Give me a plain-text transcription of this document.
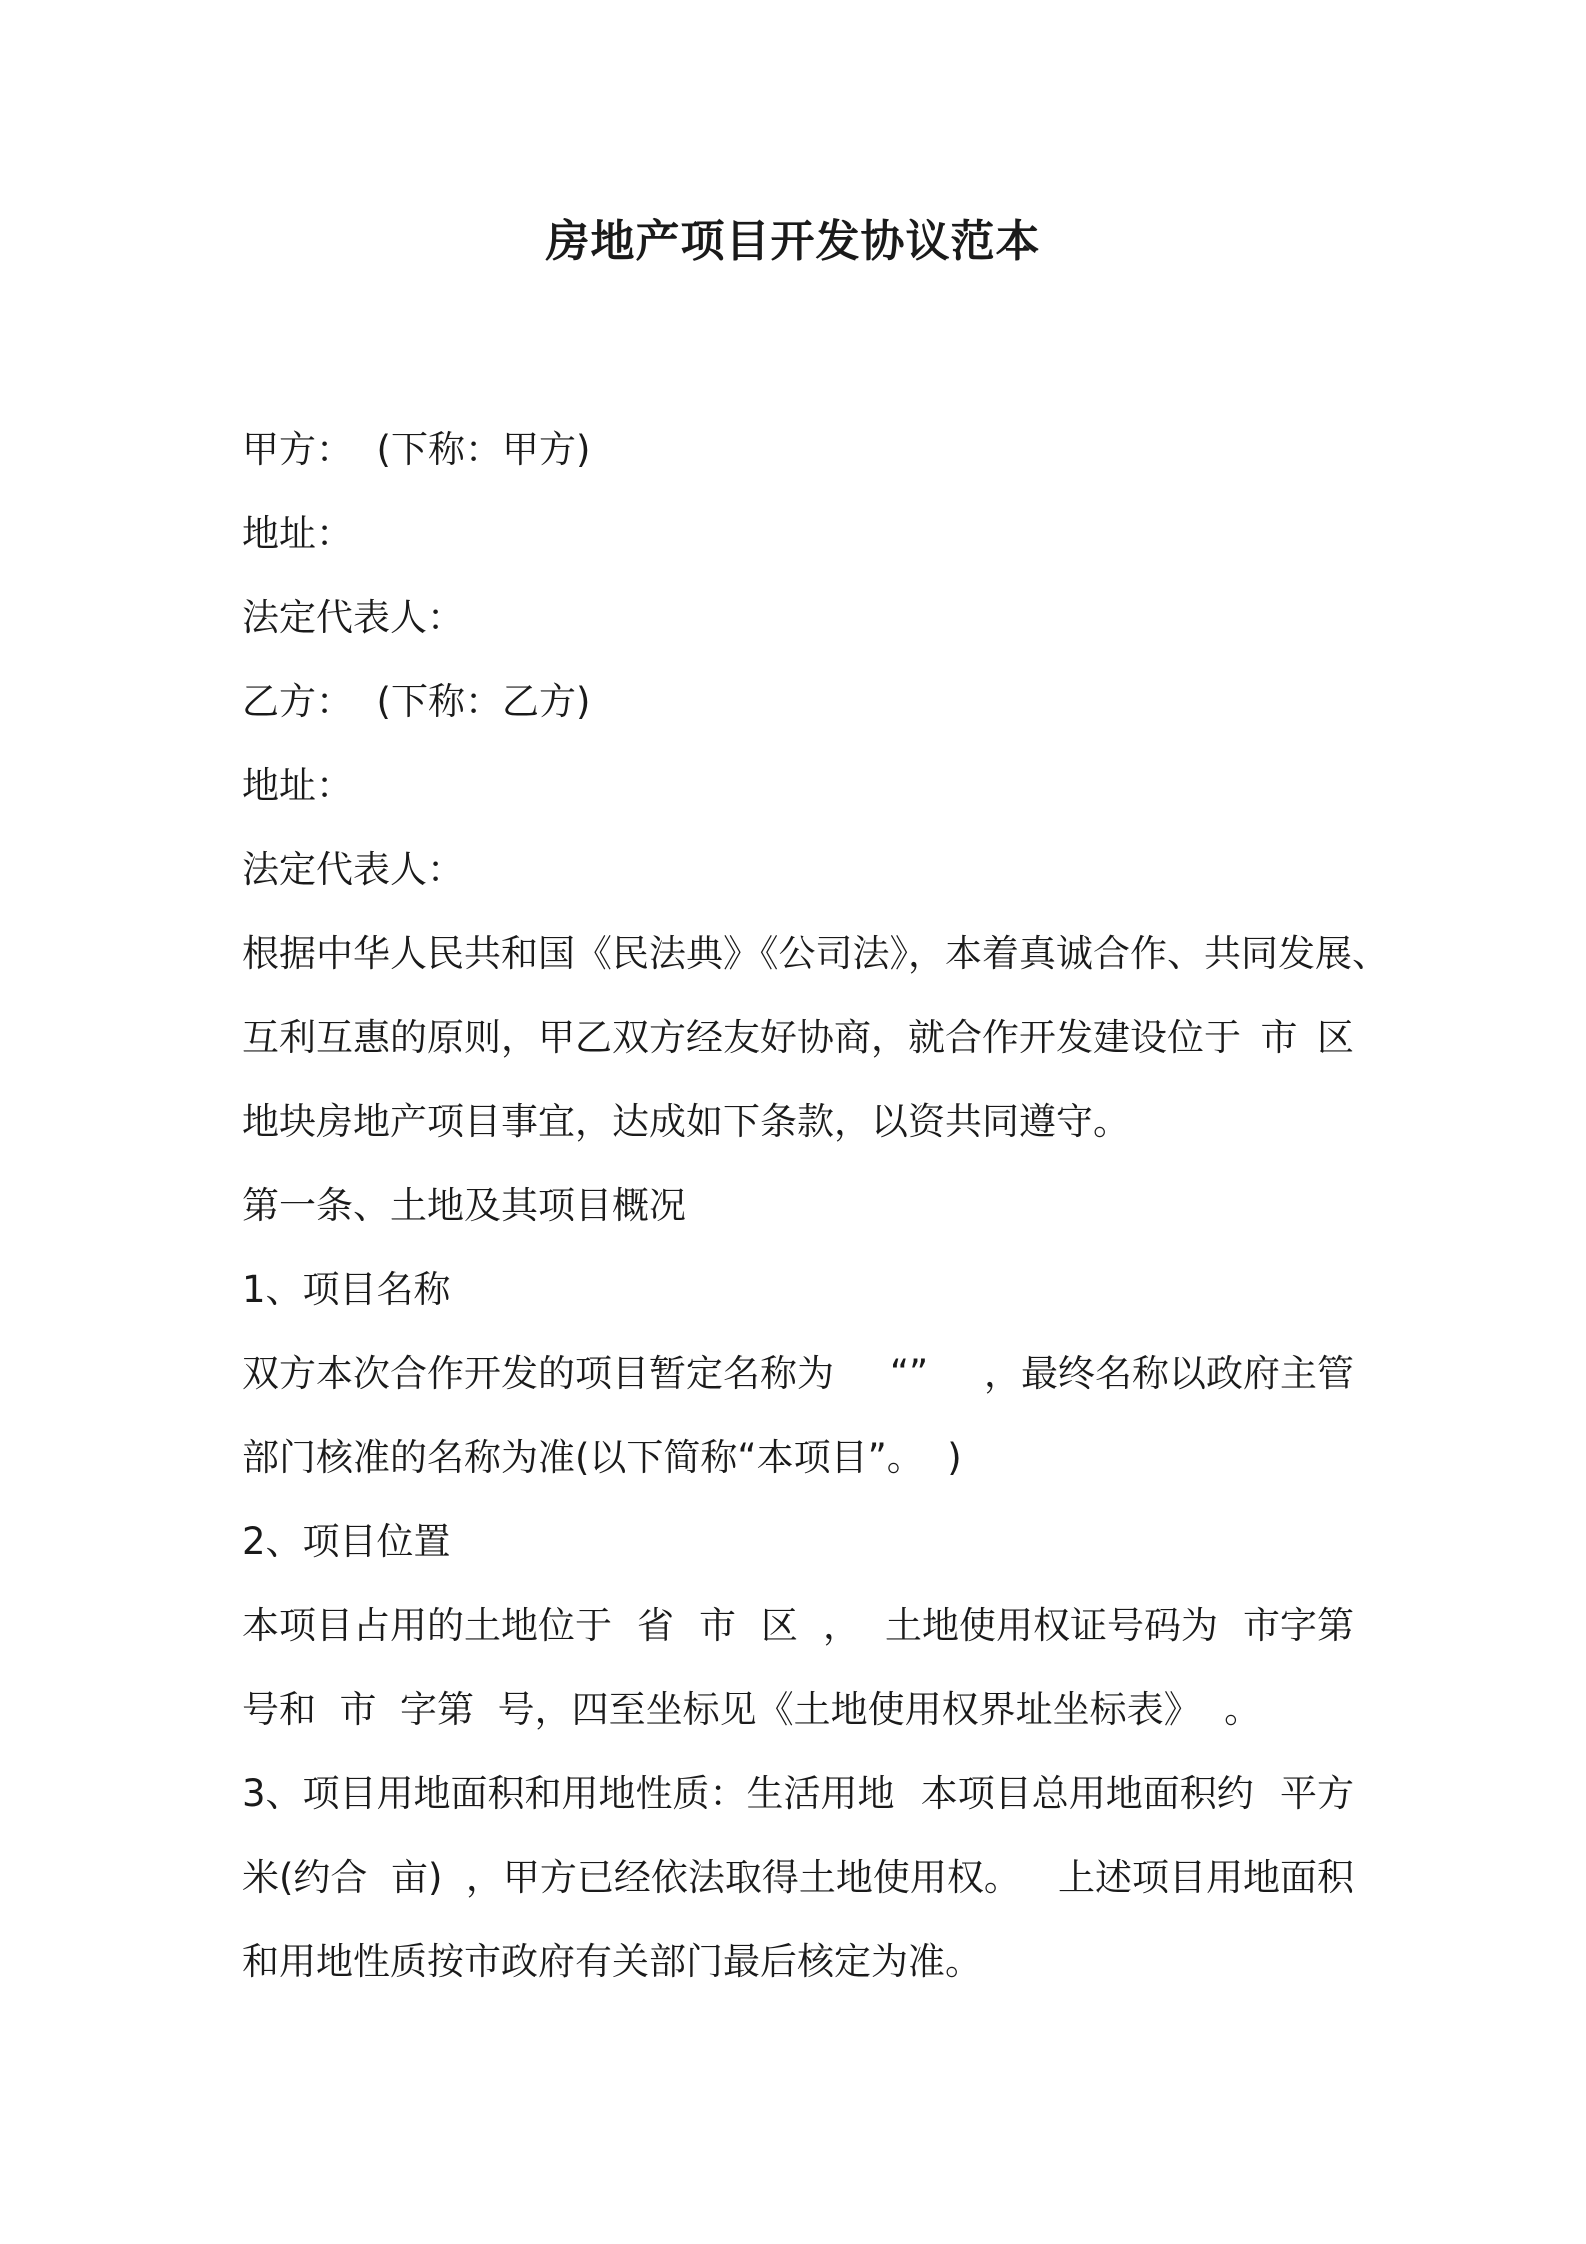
房地产项目开发协议范本

甲方：  (下称：甲方)

地址：

法定代表人：

乙方：  (下称：乙方)

地址：

法定代表人：

根据中华人民共和国《民法典》《公司法》，本着真诚合作、共同发展、

互利互惠的原则，甲乙双方经友好协商，就合作开发建设位于 市 区

地块房地产项目事宜，达成如下条款，以资共同遵守。

第一条、土地及其项目概况

1、项目名称

双方本次合作开发的项目暂定名称为 “” ，最终名称以政府主管

部门核准的名称为准(以下简称“本项目”。  )

2、项目位置

本项目占用的土地位于 省 市 区 ， 土地使用权证号码为 市字第

号和  市  字第  号，四至坐标见《土地使用权界址坐标表》  。

3、项目用地面积和用地性质：生活用地 本项目总用地面积约 平方
米(约合  亩)  ，甲方已经依法取得土地使用权。 上述项目用地面积

和用地性质按市政府有关部门最后核定为准。
